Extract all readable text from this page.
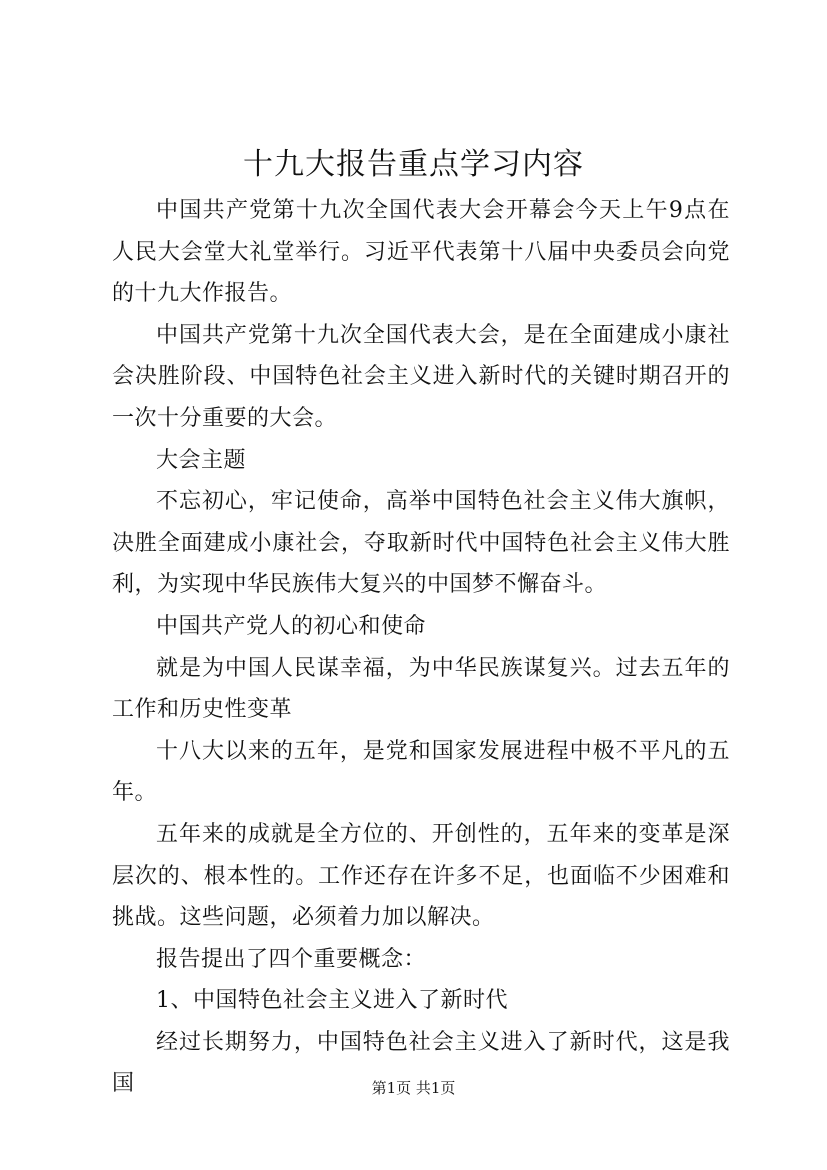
十九大报告重点学习内容

中国共产党第十九次全国代表大会开幕会今天上午9点在人民大会堂大礼堂举行。习近平代表第十八届中央委员会向党的十九大作报告。

中国共产党第十九次全国代表大会，是在全面建成小康社会决胜阶段、中国特色社会主义进入新时代的关键时期召开的一次十分重要的大会。

大会主题

不忘初心，牢记使命，高举中国特色社会主义伟大旗帜，决胜全面建成小康社会，夺取新时代中国特色社会主义伟大胜利，为实现中华民族伟大复兴的中国梦不懈奋斗。

中国共产党人的初心和使命

就是为中国人民谋幸福，为中华民族谋复兴。过去五年的工作和历史性变革

十八大以来的五年，是党和国家发展进程中极不平凡的五年。

五年来的成就是全方位的、开创性的，五年来的变革是深层次的、根本性的。工作还存在许多不足，也面临不少困难和挑战。这些问题，必须着力加以解决。

报告提出了四个重要概念：

1、中国特色社会主义进入了新时代

经过长期努力，中国特色社会主义进入了新时代，这是我国	第1页 共1页
